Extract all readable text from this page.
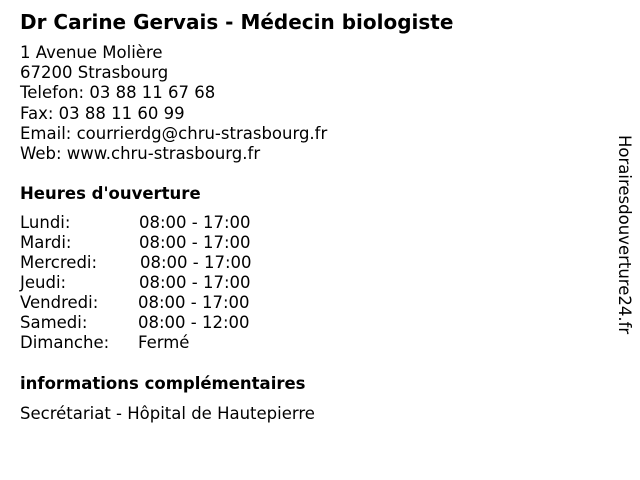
Dr Carine Gervais - Médecin biologiste
1 Avenue Molière
67200 Strasbourg
Telefon: 03 88 11 67 68
Fax: 03 88 11 60 99
Email: courrierdg@chru-strasbourg.fr
Web: www.chru-strasbourg.fr
Heures d'ouverture
Lundi:	08:00 - 17:00
Mardi:	08:00 - 17:00
Mercredi:	08:00 - 17:00
Jeudi:	08:00 - 17:00
Vendredi: 08:00 - 17:00
Samedi:	08:00 - 12:00
Dimanche: Fermé
informations complémentaires
Secrétariat - Hôpital de Hautepierre
Horairesdouverture24.fr
